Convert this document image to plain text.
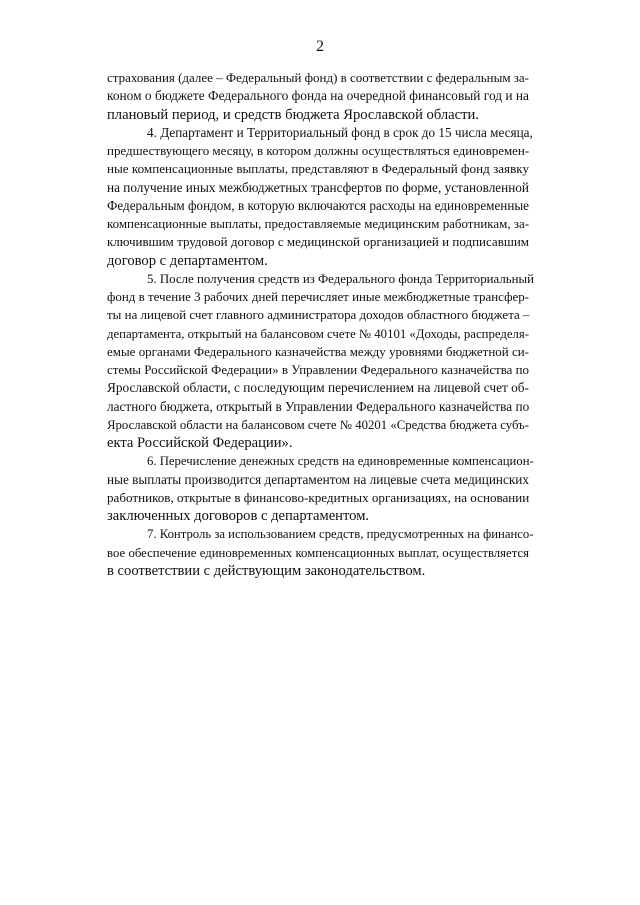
2
страхования (далее – Федеральный фонд) в соответствии с федеральным за-
коном о бюджете Федерального фонда на очередной финансовый год и на
плановый период, и средств бюджета Ярославской области.
4. Департамент и Территориальный фонд в срок до 15 числа месяца,
предшествующего месяцу, в котором должны осуществляться единовремен-
ные компенсационные выплаты, представляют в Федеральный фонд заявку
на получение иных межбюджетных трансфертов по форме, установленной
Федеральным фондом, в которую включаются расходы на единовременные
компенсационные выплаты, предоставляемые медицинским работникам, за-
ключившим трудовой договор с медицинской организацией и подписавшим
договор с департаментом.
5. После получения средств из Федерального фонда Территориальный
фонд в течение 3 рабочих дней перечисляет иные межбюджетные трансфер-
ты на лицевой счет главного администратора доходов областного бюджета –
департамента, открытый на балансовом счете № 40101 «Доходы, распределя-
емые органами Федерального казначейства между уровнями бюджетной си-
стемы Российской Федерации» в Управлении Федерального казначейства по
Ярославской области, с последующим перечислением на лицевой счет об-
ластного бюджета, открытый в Управлении Федерального казначейства по
Ярославской области на балансовом счете № 40201 «Средства бюджета субъ-
екта Российской Федерации».
6. Перечисление денежных средств на единовременные компенсацион-
ные выплаты производится департаментом на лицевые счета медицинских
работников, открытые в финансово-кредитных организациях, на основании
заключенных договоров с департаментом.
7. Контроль за использованием средств, предусмотренных на финансо-
вое обеспечение единовременных компенсационных выплат, осуществляется
в соответствии с действующим законодательством.
